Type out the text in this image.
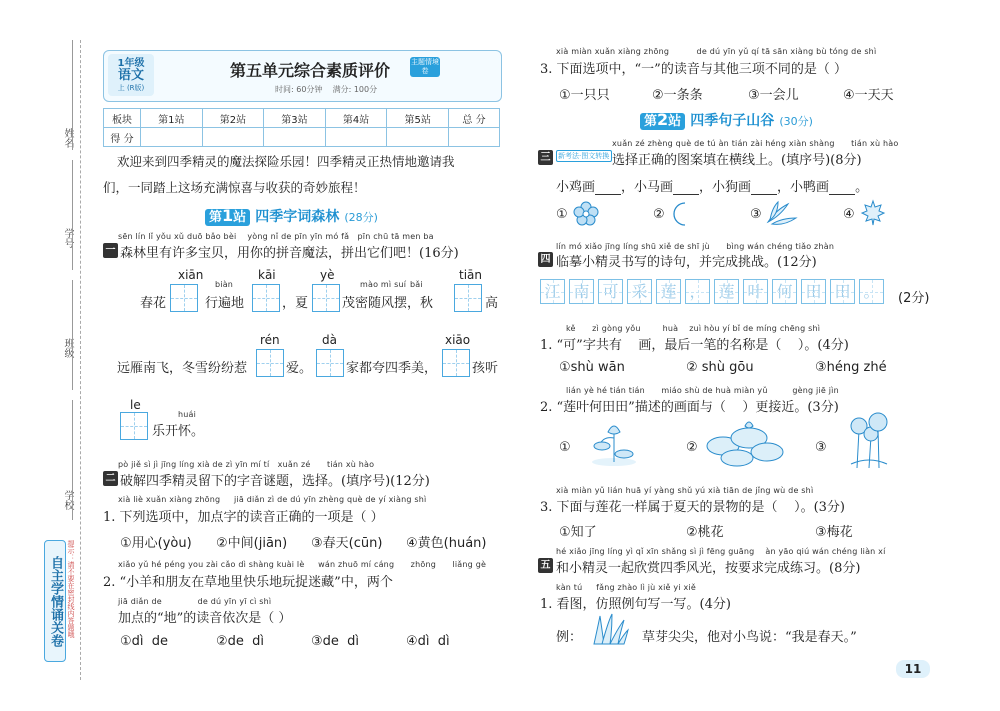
姓名
学号
班级
学校
自主学情诵关卷 提示：请不要在密封线内答题哦
1年级
语文
上 (R版)
第五单元综合素质评价	主题情境卷
时间: 60分钟    满分: 100分
板块	第1站	第2站	第3站	第4站	第5站	总 分
得 分						
欢迎来到四季精灵的魔法探险乐园！四季精灵正热情地邀请我
们，一同踏上这场充满惊喜与收获的奇妙旅程！
第1站 四季字词森林 (28分)
sēn lín lǐ yǒu xǔ duō bǎo bèi    yòng nǐ de pīn yīn mó fǎ   pīn chū tā men ba
一 森林里有许多宝贝，用你的拼音魔法，拼出它们吧！(16分)
xiān	kāi	yè	tiān
biàn	mào mì suí bǎi
春花	行遍地	，夏	茂密随风摆，秋	高
rén	dà	xiāo
远雁南飞，冬雪纷纷惹	爱。	家都夸四季美，	孩听
le
huái
乐开怀。
pò jiě sì jì jīng líng xià de zì yīn mí tí   xuǎn zé      tián xù hào
二 破解四季精灵留下的字音谜题，选择。(填序号)(12分)
xià liè xuǎn xiàng zhōng     jiā diǎn zì de dú yīn zhèng què de yí xiàng shì
1. 下列选项中，加点字的读音正确的一项是（ ）
①用心(yòu) ②中间(jiān) ③春天(cūn) ④黄色(huán)
xiǎo yǔ hé péng you zài cǎo dì shàng kuài lè     wán zhuō mí cáng      zhōng      liǎng gè
2. “小羊和朋友在草地里快乐地玩捉迷藏”中，两个
jiā diǎn de             de dú yīn yī cì shì
加点的“地”的读音依次是（ ）
①dì  de	②de  dì	③de  dì	④dì  dì
xià miàn xuǎn xiàng zhōng          de dú yīn yǔ qí tā sān xiàng bù tóng de shì
3. 下面选项中，“一”的读音与其他三项不同的是（ ）
①一只只	②一条条	③一会儿	④一天天
第2站 四季句子山谷 (30分)
xuǎn zé zhèng què de tú àn tián zài héng xiàn shàng      tián xù hào
三	新考法·图文转换 选择正确的图案填在横线上。(填序号)(8分)
小鸡画 ，小马画 ，小狗画 ，小鸭画 。
①	②	③	④
lín mó xiǎo jīng líng shū xiě de shī jù      bìng wán chéng tiǎo zhàn
四 临摹小精灵书写的诗句，并完成挑战。(12分)
江 南 可 采 莲 ， 莲 叶 何 田 田 。	(2分)
kě      zì gòng yǒu        huà    zuì hòu yí bǐ de míng chēng shì
1. “可”字共有    画，最后一笔的名称是（    ）。(4分)
①shù wān	② shù gōu	③héng zhé
lián yè hé tián tián      miáo shù de huà miàn yǔ         gèng jiē jìn
2. “莲叶何田田”描述的画面与（    ）更接近。(3分)
①	②	③
xià miàn yǔ lián huā yí yàng shǔ yú xià tiān de jǐng wù de shì
3. 下面与莲花一样属于夏天的景物的是（    ）。(3分)
①知了	②桃花	③梅花
hé xiǎo jīng líng yì qǐ xīn shǎng sì jì fēng guāng    àn yāo qiú wán chéng liàn xí
五 和小精灵一起欣赏四季风光，按要求完成练习。(8分)
kàn tú     fǎng zhào lì jù xiě yi xiě
1. 看图，仿照例句写一写。(4分)
例：	草芽尖尖，他对小鸟说：“我是春天。”
11
